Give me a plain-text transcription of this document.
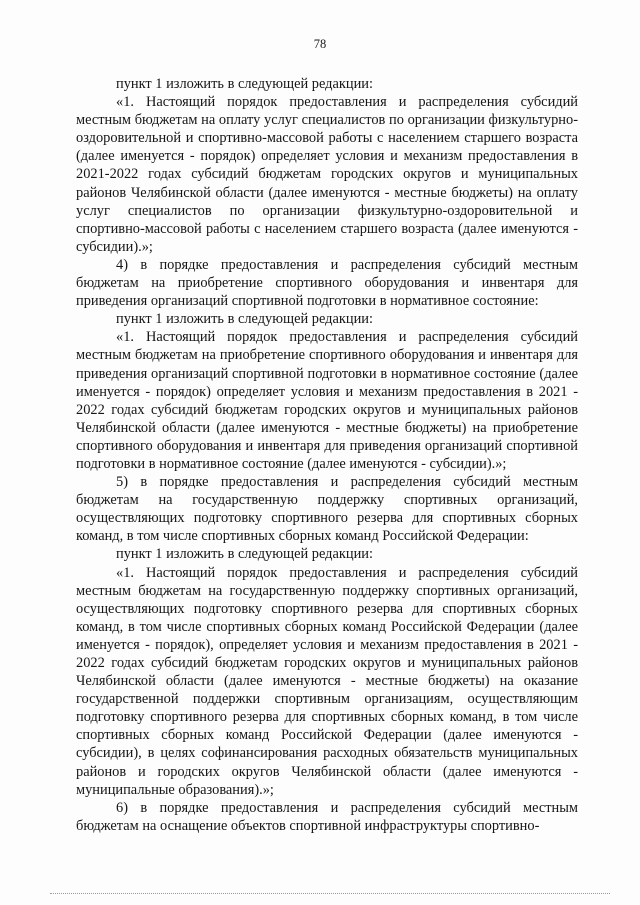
78

пункт 1 изложить в следующей редакции:

«1. Настоящий порядок предоставления и распределения субсидий местным бюджетам на оплату услуг специалистов по организации физкультурно-оздоровительной и спортивно-массовой работы с населением старшего возраста (далее именуется - порядок) определяет условия и механизм предоставления в 2021-2022 годах субсидий бюджетам городских округов и муниципальных районов Челябинской области (далее именуются - местные бюджеты) на оплату услуг специалистов по организации физкультурно-оздоровительной и спортивно-массовой работы с населением старшего возраста (далее именуются - субсидии).»;

4) в порядке предоставления и распределения субсидий местным бюджетам на приобретение спортивного оборудования и инвентаря для приведения организаций спортивной подготовки в нормативное состояние:

пункт 1 изложить в следующей редакции:

«1. Настоящий порядок предоставления и распределения субсидий местным бюджетам на приобретение спортивного оборудования и инвентаря для приведения организаций спортивной подготовки в нормативное состояние (далее именуется - порядок) определяет условия и механизм предоставления в 2021 - 2022 годах субсидий бюджетам городских округов и муниципальных районов Челябинской области (далее именуются - местные бюджеты) на приобретение спортивного оборудования и инвентаря для приведения организаций спортивной подготовки в нормативное состояние (далее именуются - субсидии).»;

5) в порядке предоставления и распределения субсидий местным бюджетам на государственную поддержку спортивных организаций, осуществляющих подготовку спортивного резерва для спортивных сборных команд, в том числе спортивных сборных команд Российской Федерации:

пункт 1 изложить в следующей редакции:

«1. Настоящий порядок предоставления и распределения субсидий местным бюджетам на государственную поддержку спортивных организаций, осуществляющих подготовку спортивного резерва для спортивных сборных команд, в том числе спортивных сборных команд Российской Федерации (далее именуется - порядок), определяет условия и механизм предоставления в 2021 - 2022 годах субсидий бюджетам городских округов и муниципальных районов Челябинской области (далее именуются - местные бюджеты) на оказание государственной поддержки спортивным организациям, осуществляющим подготовку спортивного резерва для спортивных сборных команд, в том числе спортивных сборных команд Российской Федерации (далее именуются - субсидии), в целях софинансирования расходных обязательств муниципальных районов и городских округов Челябинской области (далее именуются - муниципальные образования).»;

6) в порядке предоставления и распределения субсидий местным бюджетам на оснащение объектов спортивной инфраструктуры спортивно-
